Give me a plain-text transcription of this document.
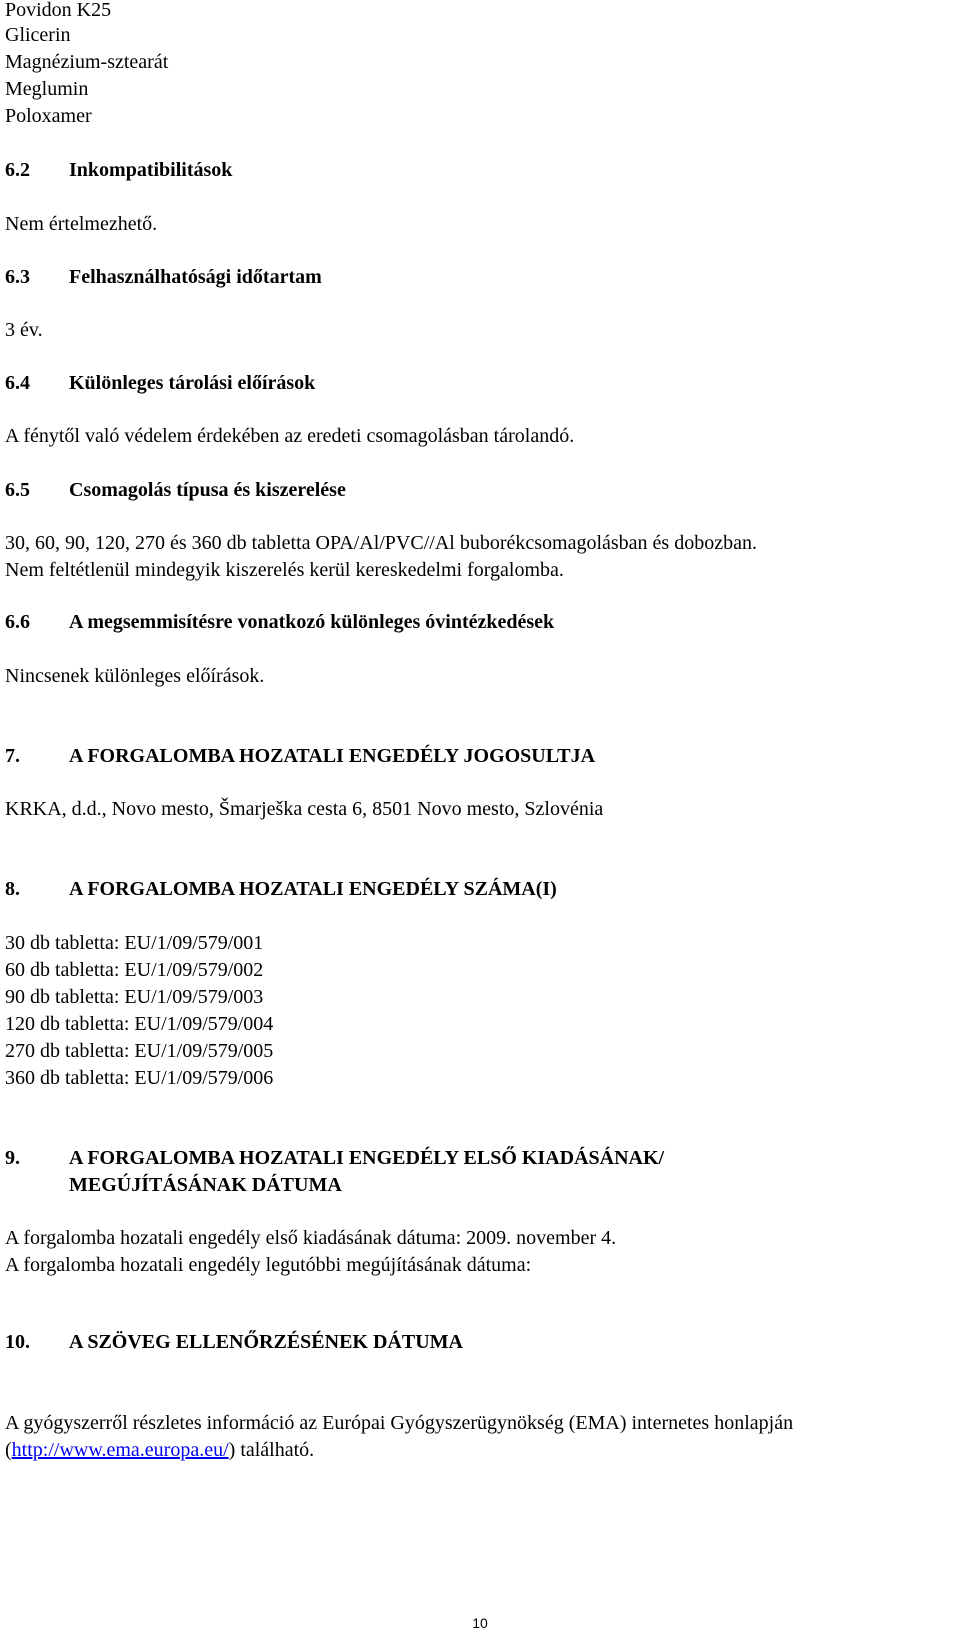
Povidon K25
Glicerin
Magnézium-sztearát
Meglumin
Poloxamer
6.2 Inkompatibilitások
Nem értelmezhető.
6.3 Felhasználhatósági időtartam
3 év.
6.4 Különleges tárolási előírások
A fénytől való védelem érdekében az eredeti csomagolásban tárolandó.
6.5 Csomagolás típusa és kiszerelése
30, 60, 90, 120, 270 és 360 db tabletta OPA/Al/PVC//Al buborékcsomagolásban és dobozban.
Nem feltétlenül mindegyik kiszerelés kerül kereskedelmi forgalomba.
6.6 A megsemmisítésre vonatkozó különleges óvintézkedések
Nincsenek különleges előírások.
7. A FORGALOMBA HOZATALI ENGEDÉLY JOGOSULTJA
KRKA, d.d., Novo mesto, Šmarješka cesta 6, 8501 Novo mesto, Szlovénia
8. A FORGALOMBA HOZATALI ENGEDÉLY SZÁMA(I)
30 db tabletta: EU/1/09/579/001
60 db tabletta: EU/1/09/579/002
90 db tabletta: EU/1/09/579/003
120 db tabletta: EU/1/09/579/004
270 db tabletta: EU/1/09/579/005
360 db tabletta: EU/1/09/579/006
9. A FORGALOMBA HOZATALI ENGEDÉLY ELSŐ KIADÁSÁNAK/
MEGÚJÍTÁSÁNAK DÁTUMA
A forgalomba hozatali engedély első kiadásának dátuma: 2009. november 4.
A forgalomba hozatali engedély legutóbbi megújításának dátuma:
10. A SZÖVEG ELLENŐRZÉSÉNEK DÁTUMA
A gyógyszerről részletes információ az Európai Gyógyszerügynökség (EMA) internetes honlapján
(http://www.ema.europa.eu/) található.
10
